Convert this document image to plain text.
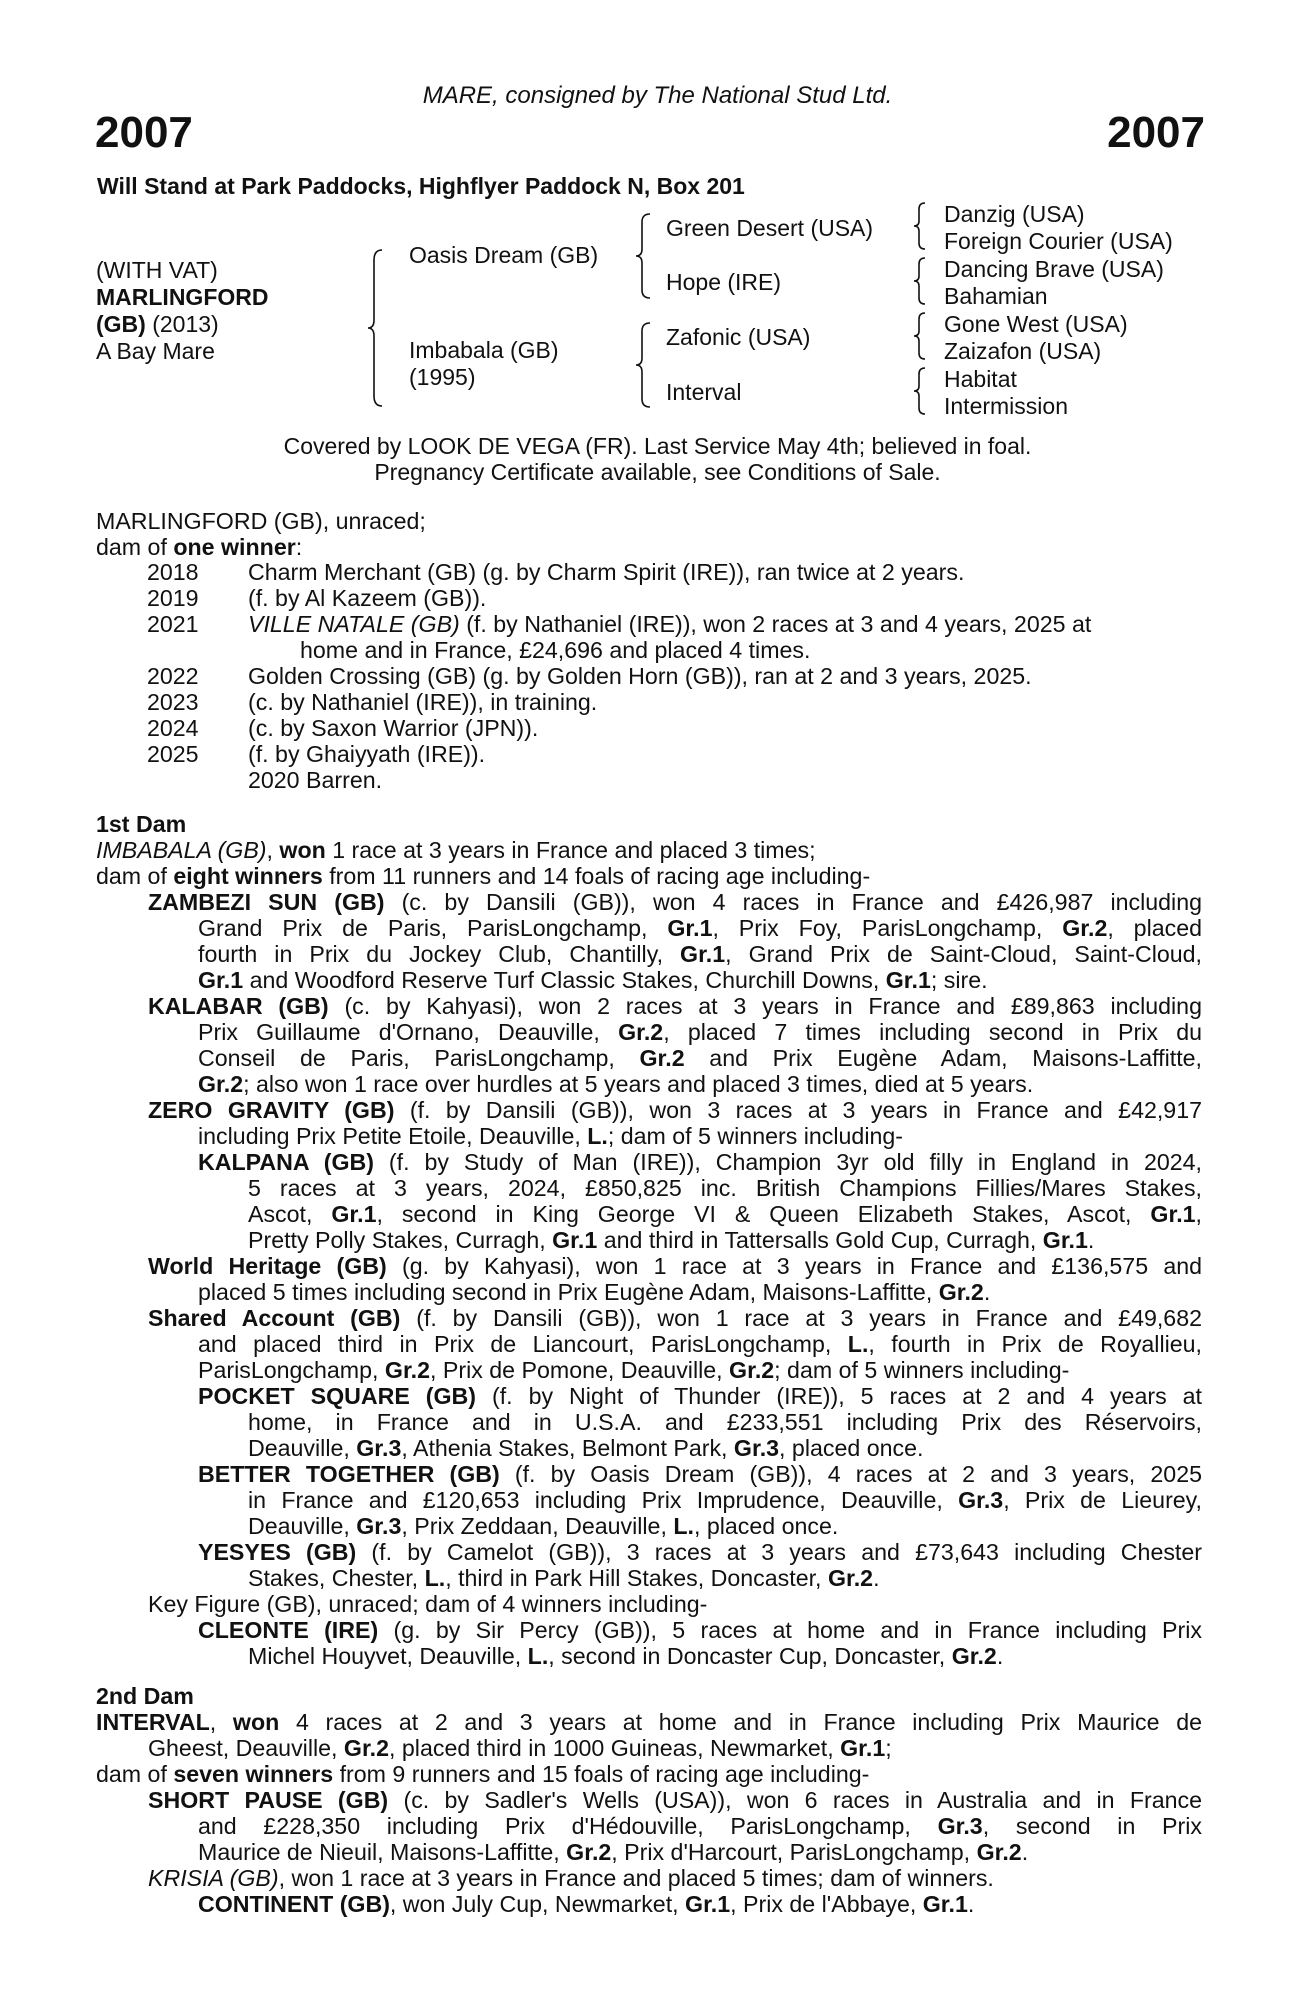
MARE, consigned by The National Stud Ltd.
2007	2007
Will Stand at Park Paddocks, Highflyer Paddock N, Box 201
(WITH VAT)
MARLINGFORD
(GB) (2013)
A Bay Mare
Oasis Dream (GB)
Imbabala (GB)
(1995)
Green Desert (USA)
Hope (IRE)
Zafonic (USA)
Interval
Danzig (USA)
Foreign Courier (USA)
Dancing Brave (USA)
Bahamian
Gone West (USA)
Zaizafon (USA)
Habitat
Intermission
Covered by LOOK DE VEGA (FR). Last Service May 4th; believed in foal.
Pregnancy Certificate available, see Conditions of Sale.
MARLINGFORD (GB), unraced;
dam of one winner:
2018 Charm Merchant (GB) (g. by Charm Spirit (IRE)), ran twice at 2 years.
2019 (f. by Al Kazeem (GB)).
2021 VILLE NATALE (GB) (f. by Nathaniel (IRE)), won 2 races at 3 and 4 years, 2025 at
home and in France, £24,696 and placed 4 times.
2022 Golden Crossing (GB) (g. by Golden Horn (GB)), ran at 2 and 3 years, 2025.
2023 (c. by Nathaniel (IRE)), in training.
2024 (c. by Saxon Warrior (JPN)).
2025 (f. by Ghaiyyath (IRE)).
2020 Barren.
1st Dam
IMBABALA (GB), won 1 race at 3 years in France and placed 3 times;
dam of eight winners from 11 runners and 14 foals of racing age including-
ZAMBEZI SUN (GB) (c. by Dansili (GB)), won 4 races in France and £426,987 including
Grand Prix de Paris, ParisLongchamp, Gr.1, Prix Foy, ParisLongchamp, Gr.2, placed
fourth in Prix du Jockey Club, Chantilly, Gr.1, Grand Prix de Saint-Cloud, Saint-Cloud,
Gr.1 and Woodford Reserve Turf Classic Stakes, Churchill Downs, Gr.1; sire.
KALABAR (GB) (c. by Kahyasi), won 2 races at 3 years in France and £89,863 including
Prix Guillaume d'Ornano, Deauville, Gr.2, placed 7 times including second in Prix du
Conseil de Paris, ParisLongchamp, Gr.2 and Prix Eugène Adam, Maisons-Laffitte,
Gr.2; also won 1 race over hurdles at 5 years and placed 3 times, died at 5 years.
ZERO GRAVITY (GB) (f. by Dansili (GB)), won 3 races at 3 years in France and £42,917
including Prix Petite Etoile, Deauville, L.; dam of 5 winners including-
KALPANA (GB) (f. by Study of Man (IRE)), Champion 3yr old filly in England in 2024,
5 races at 3 years, 2024, £850,825 inc. British Champions Fillies/Mares Stakes,
Ascot, Gr.1, second in King George VI & Queen Elizabeth Stakes, Ascot, Gr.1,
Pretty Polly Stakes, Curragh, Gr.1 and third in Tattersalls Gold Cup, Curragh, Gr.1.
World Heritage (GB) (g. by Kahyasi), won 1 race at 3 years in France and £136,575 and
placed 5 times including second in Prix Eugène Adam, Maisons-Laffitte, Gr.2.
Shared Account (GB) (f. by Dansili (GB)), won 1 race at 3 years in France and £49,682
and placed third in Prix de Liancourt, ParisLongchamp, L., fourth in Prix de Royallieu,
ParisLongchamp, Gr.2, Prix de Pomone, Deauville, Gr.2; dam of 5 winners including-
POCKET SQUARE (GB) (f. by Night of Thunder (IRE)), 5 races at 2 and 4 years at
home, in France and in U.S.A. and £233,551 including Prix des Réservoirs,
Deauville, Gr.3, Athenia Stakes, Belmont Park, Gr.3, placed once.
BETTER TOGETHER (GB) (f. by Oasis Dream (GB)), 4 races at 2 and 3 years, 2025
in France and £120,653 including Prix Imprudence, Deauville, Gr.3, Prix de Lieurey,
Deauville, Gr.3, Prix Zeddaan, Deauville, L., placed once.
YESYES (GB) (f. by Camelot (GB)), 3 races at 3 years and £73,643 including Chester
Stakes, Chester, L., third in Park Hill Stakes, Doncaster, Gr.2.
Key Figure (GB), unraced; dam of 4 winners including-
CLEONTE (IRE) (g. by Sir Percy (GB)), 5 races at home and in France including Prix
Michel Houyvet, Deauville, L., second in Doncaster Cup, Doncaster, Gr.2.
2nd Dam
INTERVAL, won 4 races at 2 and 3 years at home and in France including Prix Maurice de
Gheest, Deauville, Gr.2, placed third in 1000 Guineas, Newmarket, Gr.1;
dam of seven winners from 9 runners and 15 foals of racing age including-
SHORT PAUSE (GB) (c. by Sadler's Wells (USA)), won 6 races in Australia and in France
and £228,350 including Prix d'Hédouville, ParisLongchamp, Gr.3, second in Prix
Maurice de Nieuil, Maisons-Laffitte, Gr.2, Prix d'Harcourt, ParisLongchamp, Gr.2.
KRISIA (GB), won 1 race at 3 years in France and placed 5 times; dam of winners.
CONTINENT (GB), won July Cup, Newmarket, Gr.1, Prix de l'Abbaye, Gr.1.
